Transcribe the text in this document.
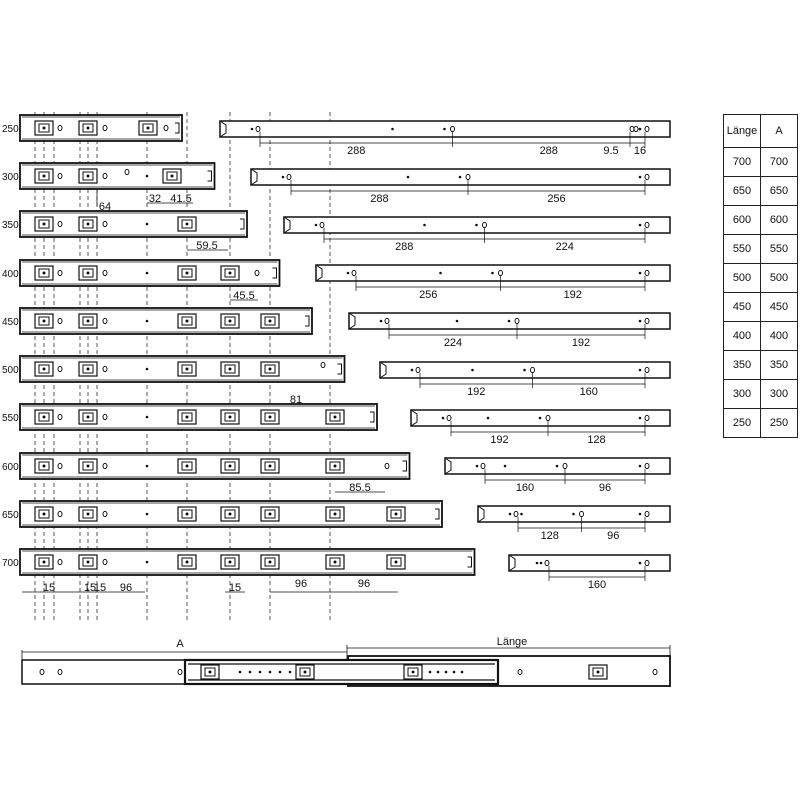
250
300
350
400
450
500
550
600
650
700
64
32 41.5
59.5
45.5
81
85.5
15	15
15 96	15	96	96
288	288	9.5 16
288	256
288	224
256	192
224	192
192	160
192	128
160	96
128	96
160
A	Länge
Länge	A
700	700
650	650
600	600
550	550
500	500
450	450
400	400
350	350
300	300
250	250
